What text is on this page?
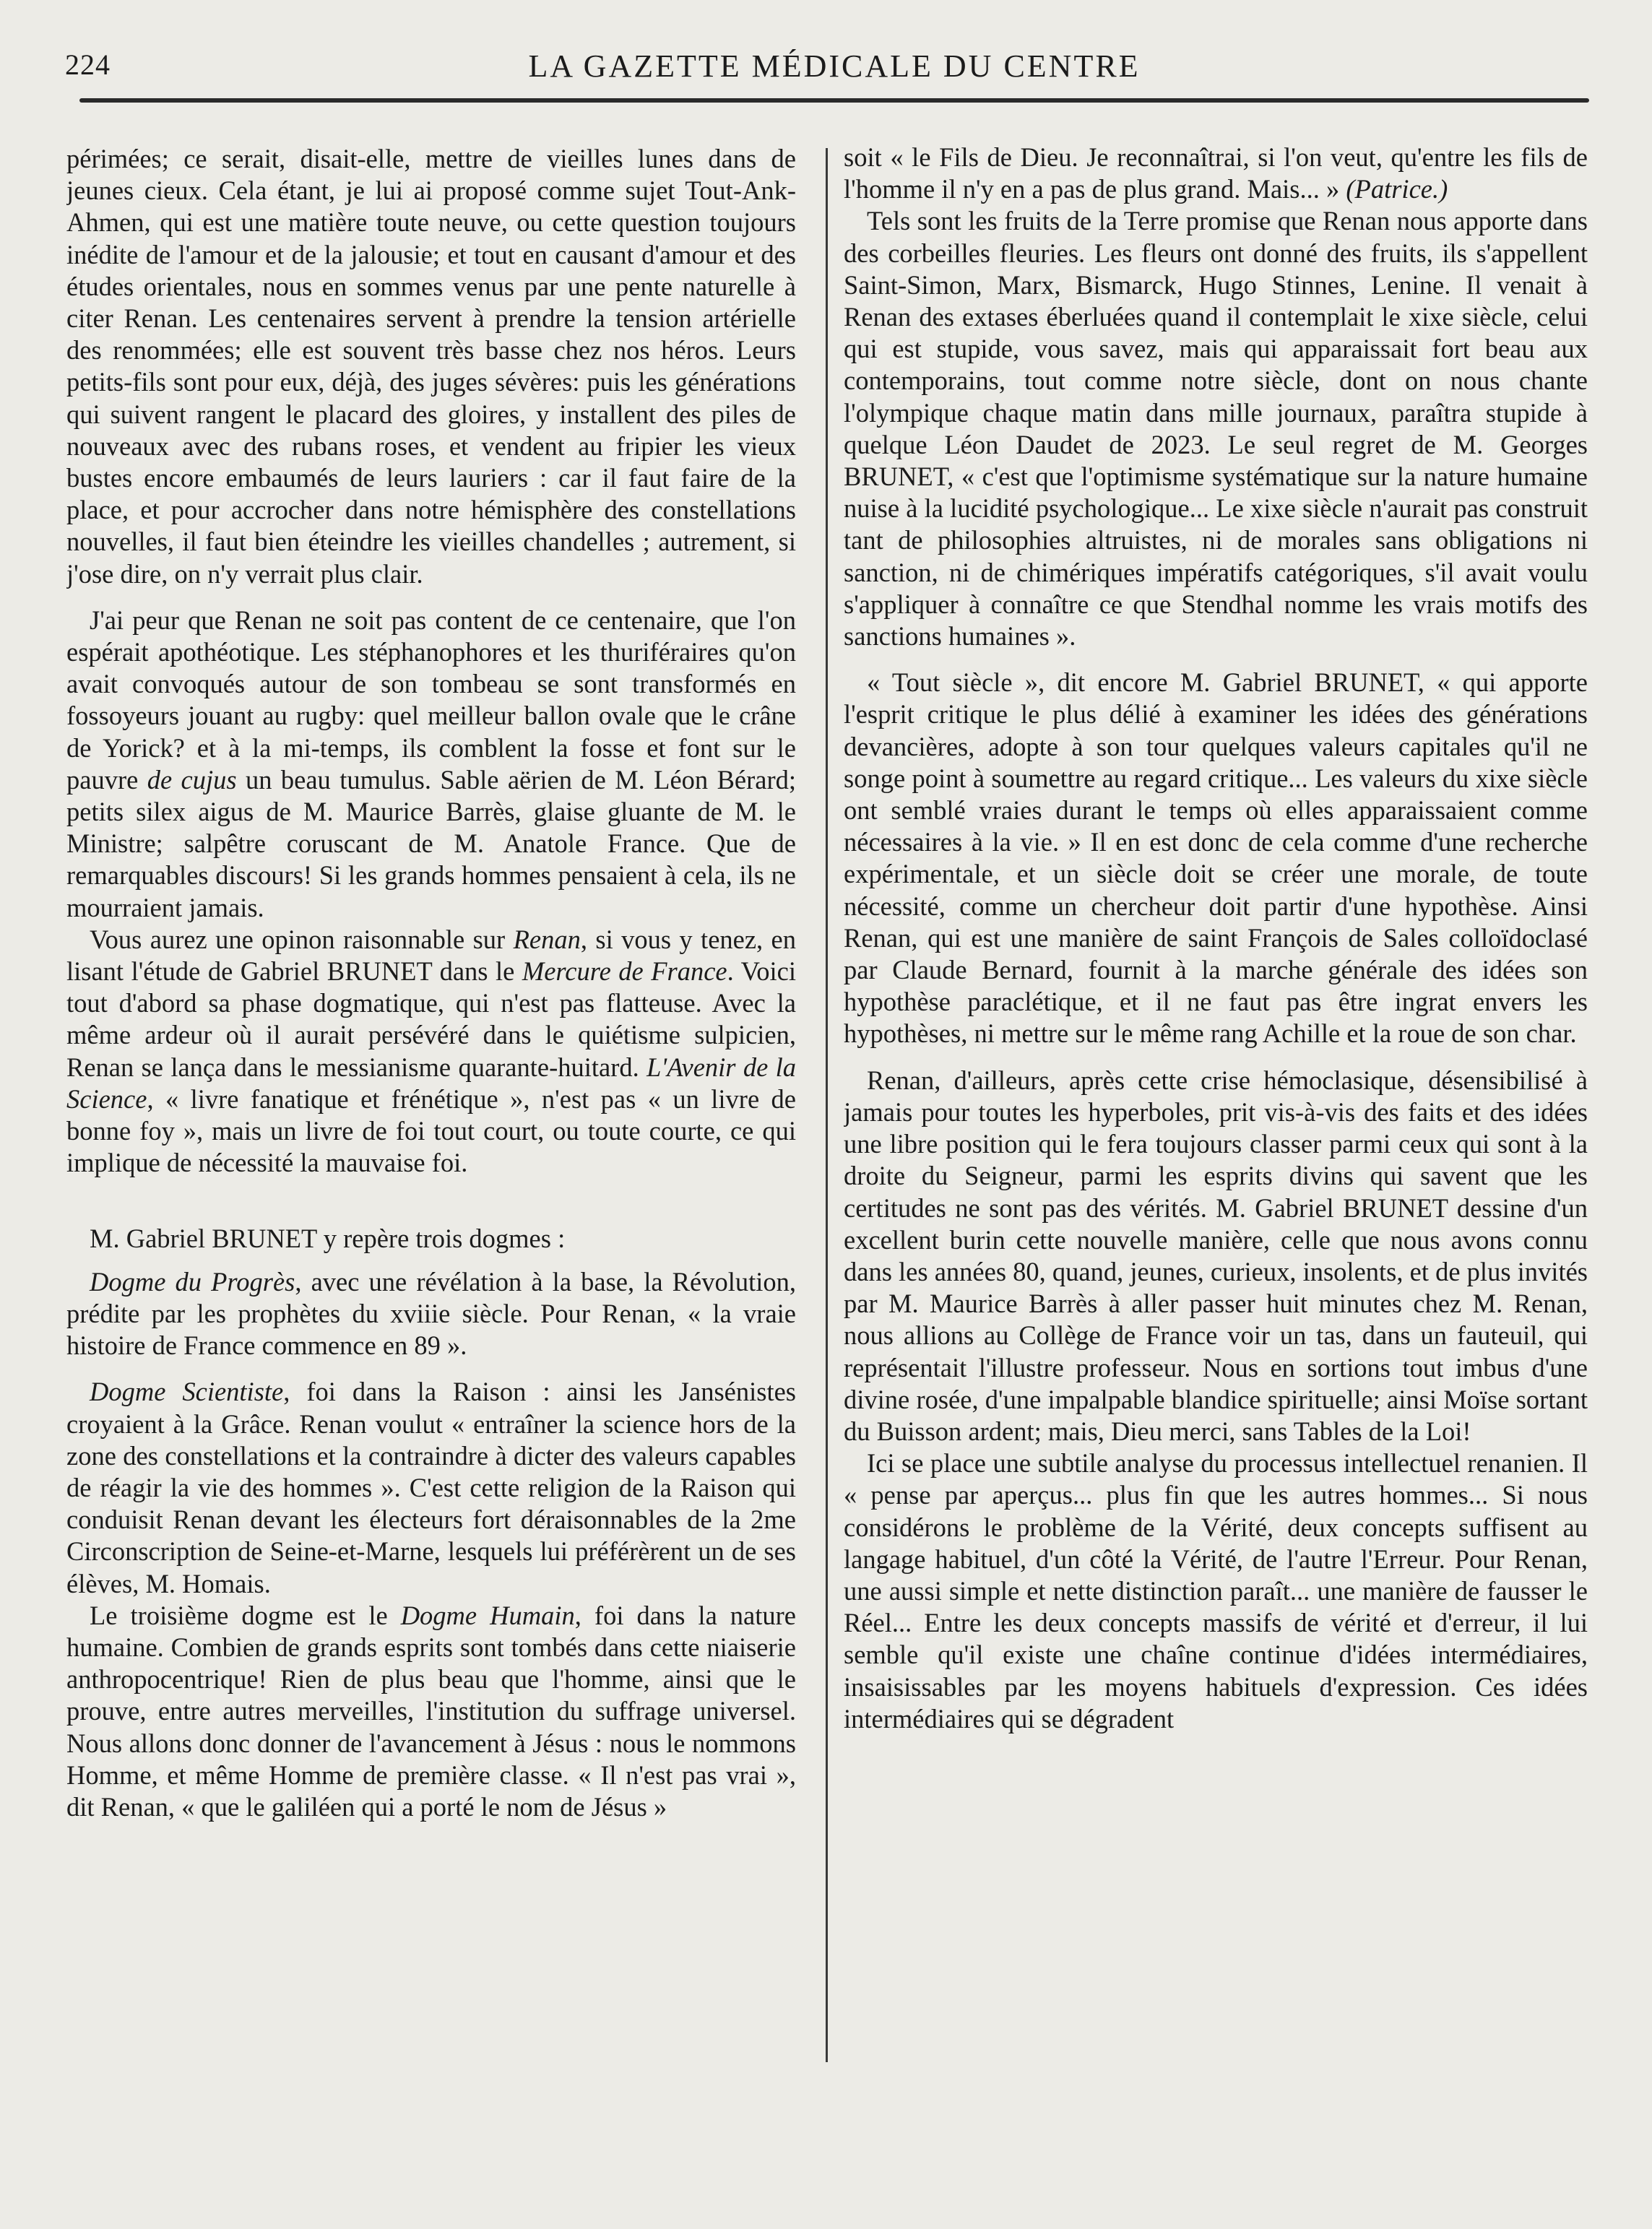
224	LA GAZETTE MÉDICALE DU CENTRE

périmées; ce serait, disait-elle, mettre de vieilles lunes dans de jeunes cieux. Cela étant, je lui ai proposé comme sujet Tout-Ank-Ahmen, qui est une matière toute neuve, ou cette question toujours inédite de l'amour et de la jalousie; et tout en causant d'amour et des études orientales, nous en sommes venus par une pente naturelle à citer Renan. Les centenaires servent à prendre la tension artérielle des renommées; elle est souvent très basse chez nos héros. Leurs petits-fils sont pour eux, déjà, des juges sévères: puis les générations qui suivent rangent le placard des gloires, y installent des piles de nouveaux avec des rubans roses, et vendent au fripier les vieux bustes encore embaumés de leurs lauriers : car il faut faire de la place, et pour accrocher dans notre hémisphère des constellations nouvelles, il faut bien éteindre les vieilles chandelles ; autrement, si j'ose dire, on n'y verrait plus clair.

J'ai peur que Renan ne soit pas content de ce centenaire, que l'on espérait apothéotique. Les stéphanophores et les thuriféraires qu'on avait convoqués autour de son tombeau se sont transformés en fossoyeurs jouant au rugby: quel meilleur ballon ovale que le crâne de Yorick? et à la mi-temps, ils comblent la fosse et font sur le pauvre de cujus un beau tumulus. Sable aërien de M. Léon Bérard; petits silex aigus de M. Maurice Barrès, glaise gluante de M. le Ministre; salpêtre coruscant de M. Anatole France. Que de remarquables discours! Si les grands hommes pensaient à cela, ils ne mourraient jamais.

Vous aurez une opinon raisonnable sur Renan, si vous y tenez, en lisant l'étude de Gabriel BRUNET dans le Mercure de France. Voici tout d'abord sa phase dogmatique, qui n'est pas flatteuse. Avec la même ardeur où il aurait persévéré dans le quiétisme sulpicien, Renan se lança dans le messianisme quarante-huitard. L'Avenir de la Science, « livre fanatique et frénétique », n'est pas « un livre de bonne foy », mais un livre de foi tout court, ou toute courte, ce qui implique de nécessité la mauvaise foi.

M. Gabriel BRUNET y repère trois dogmes :

Dogme du Progrès, avec une révélation à la base, la Révolution, prédite par les prophètes du xviiie siècle. Pour Renan, « la vraie histoire de France commence en 89 ».

Dogme Scientiste, foi dans la Raison : ainsi les Jansénistes croyaient à la Grâce. Renan voulut « entraîner la science hors de la zone des constellations et la contraindre à dicter des valeurs capables de réagir la vie des hommes ». C'est cette religion de la Raison qui conduisit Renan devant les électeurs fort déraisonnables de la 2me Circonscription de Seine-et-Marne, lesquels lui préférèrent un de ses élèves, M. Homais.

Le troisième dogme est le Dogme Humain, foi dans la nature humaine. Combien de grands esprits sont tombés dans cette niaiserie anthropocentrique! Rien de plus beau que l'homme, ainsi que le prouve, entre autres merveilles, l'institution du suffrage universel. Nous allons donc donner de l'avancement à Jésus : nous le nommons Homme, et même Homme de première classe. « Il n'est pas vrai », dit Renan, « que le galiléen qui a porté le nom de Jésus »

soit « le Fils de Dieu. Je reconnaîtrai, si l'on veut, qu'entre les fils de l'homme il n'y en a pas de plus grand. Mais... » (Patrice.)

Tels sont les fruits de la Terre promise que Renan nous apporte dans des corbeilles fleuries. Les fleurs ont donné des fruits, ils s'appellent Saint-Simon, Marx, Bismarck, Hugo Stinnes, Lenine. Il venait à Renan des extases éberluées quand il contemplait le xixe siècle, celui qui est stupide, vous savez, mais qui apparaissait fort beau aux contemporains, tout comme notre siècle, dont on nous chante l'olympique chaque matin dans mille journaux, paraîtra stupide à quelque Léon Daudet de 2023. Le seul regret de M. Georges BRUNET, « c'est que l'optimisme systématique sur la nature humaine nuise à la lucidité psychologique... Le xixe siècle n'aurait pas construit tant de philosophies altruistes, ni de morales sans obligations ni sanction, ni de chimériques impératifs catégoriques, s'il avait voulu s'appliquer à connaître ce que Stendhal nomme les vrais motifs des sanctions humaines ».

« Tout siècle », dit encore M. Gabriel BRUNET, « qui apporte l'esprit critique le plus délié à examiner les idées des générations devancières, adopte à son tour quelques valeurs capitales qu'il ne songe point à soumettre au regard critique... Les valeurs du xixe siècle ont semblé vraies durant le temps où elles apparaissaient comme nécessaires à la vie. » Il en est donc de cela comme d'une recherche expérimentale, et un siècle doit se créer une morale, de toute nécessité, comme un chercheur doit partir d'une hypothèse. Ainsi Renan, qui est une manière de saint François de Sales colloïdoclasé par Claude Bernard, fournit à la marche générale des idées son hypothèse paraclétique, et il ne faut pas être ingrat envers les hypothèses, ni mettre sur le même rang Achille et la roue de son char.

Renan, d'ailleurs, après cette crise hémoclasique, désensibilisé à jamais pour toutes les hyperboles, prit vis-à-vis des faits et des idées une libre position qui le fera toujours classer parmi ceux qui sont à la droite du Seigneur, parmi les esprits divins qui savent que les certitudes ne sont pas des vérités. M. Gabriel BRUNET dessine d'un excellent burin cette nouvelle manière, celle que nous avons connu dans les années 80, quand, jeunes, curieux, insolents, et de plus invités par M. Maurice Barrès à aller passer huit minutes chez M. Renan, nous allions au Collège de France voir un tas, dans un fauteuil, qui représentait l'illustre professeur. Nous en sortions tout imbus d'une divine rosée, d'une impalpable blandice spirituelle; ainsi Moïse sortant du Buisson ardent; mais, Dieu merci, sans Tables de la Loi!

Ici se place une subtile analyse du processus intellectuel renanien. Il « pense par aperçus... plus fin que les autres hommes... Si nous considérons le problème de la Vérité, deux concepts suffisent au langage habituel, d'un côté la Vérité, de l'autre l'Erreur. Pour Renan, une aussi simple et nette distinction paraît... une manière de fausser le Réel... Entre les deux concepts massifs de vérité et d'erreur, il lui semble qu'il existe une chaîne continue d'idées intermédiaires, insaisissables par les moyens habituels d'expression. Ces idées intermédiaires qui se dégradent
